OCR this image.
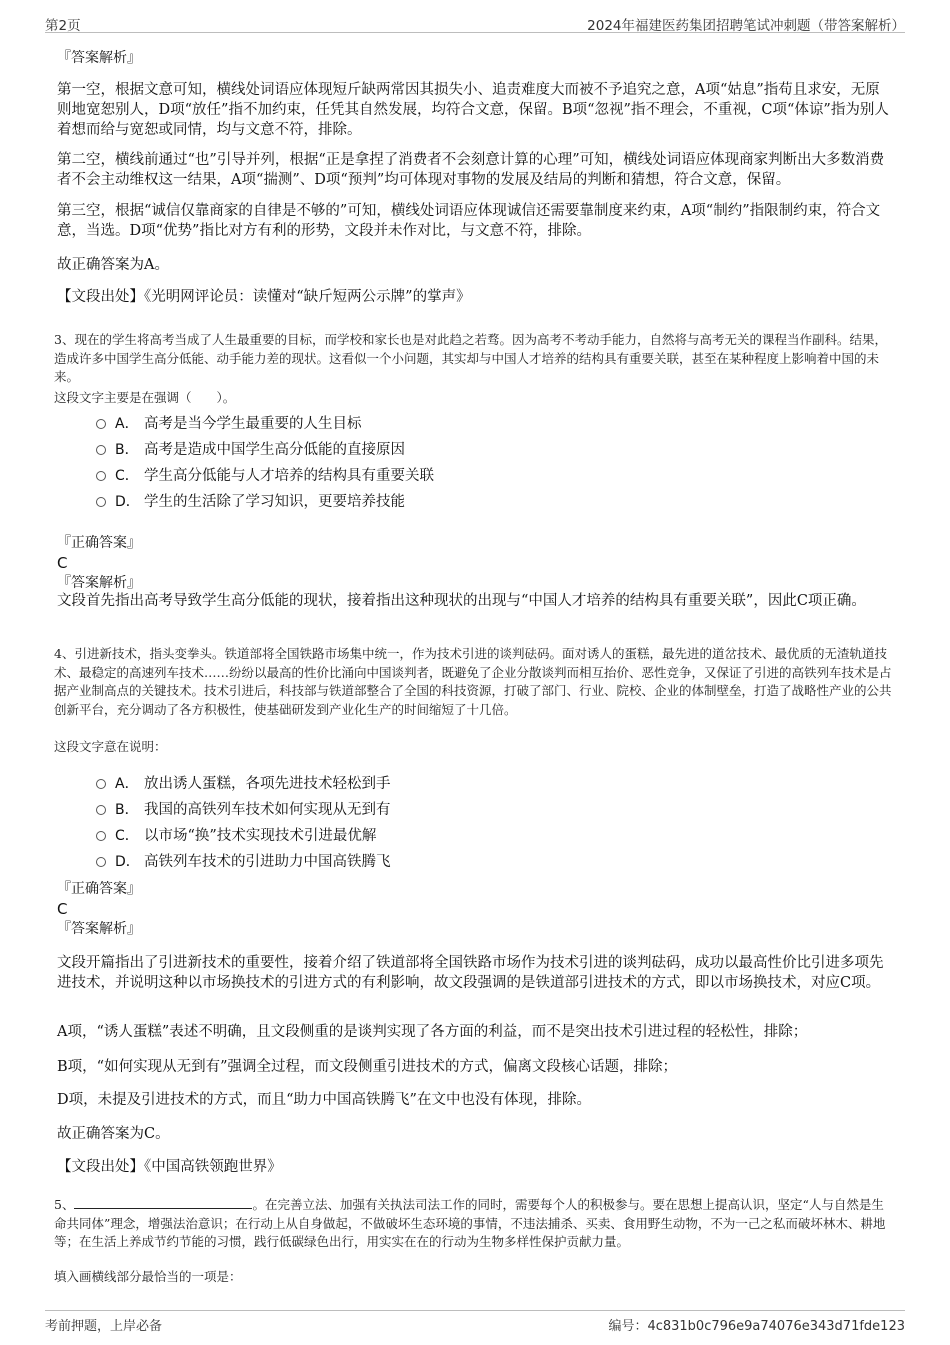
第2页	2024年福建医药集团招聘笔试冲刺题（带答案解析）
『答案解析』
第一空，根据文意可知，横线处词语应体现短斤缺两常因其损失小、追责难度大而被不予追究之意，A项“姑息”指苟且求安，无原则地宽恕别人，D项“放任”指不加约束，任凭其自然发展，均符合文意，保留。B项“忽视”指不理会，不重视，C项“体谅”指为别人着想而给与宽恕或同情，均与文意不符，排除。
第二空，横线前通过“也”引导并列，根据“正是拿捏了消费者不会刻意计算的心理”可知，横线处词语应体现商家判断出大多数消费者不会主动维权这一结果，A项“揣测”、D项“预判”均可体现对事物的发展及结局的判断和猜想，符合文意，保留。
第三空，根据“诚信仅靠商家的自律是不够的”可知，横线处词语应体现诚信还需要靠制度来约束，A项“制约”指限制约束，符合文意，当选。D项“优势”指比对方有利的形势，文段并未作对比，与文意不符，排除。
故正确答案为A。
【文段出处】《光明网评论员：读懂对“缺斤短两公示牌”的掌声》
3、现在的学生将高考当成了人生最重要的目标，而学校和家长也是对此趋之若骛。因为高考不考动手能力，自然将与高考无关的课程当作副科。结果，造成许多中国学生高分低能、动手能力差的现状。这看似一个小问题，其实却与中国人才培养的结构具有重要关联，甚至在某种程度上影响着中国的未来。
这段文字主要是在强调（　　）。
A． 高考是当今学生最重要的人生目标
B． 高考是造成中国学生高分低能的直接原因
C． 学生高分低能与人才培养的结构具有重要关联
D． 学生的生活除了学习知识，更要培养技能
『正确答案』
C
『答案解析』
文段首先指出高考导致学生高分低能的现状，接着指出这种现状的出现与“中国人才培养的结构具有重要关联”，因此C项正确。
4、引进新技术，指头变拳头。铁道部将全国铁路市场集中统一，作为技术引进的谈判砝码。面对诱人的蛋糕，最先进的道岔技术、最优质的无渣轨道技术、最稳定的高速列车技术……纷纷以最高的性价比涌向中国谈判者，既避免了企业分散谈判而相互抬价、恶性竞争，又保证了引进的高铁列车技术是占据产业制高点的关键技术。技术引进后，科技部与铁道部整合了全国的科技资源，打破了部门、行业、院校、企业的体制壁垒，打造了战略性产业的公共创新平台，充分调动了各方积极性，使基础研发到产业化生产的时间缩短了十几倍。
这段文字意在说明：
A． 放出诱人蛋糕，各项先进技术轻松到手
B． 我国的高铁列车技术如何实现从无到有
C． 以市场“换”技术实现技术引进最优解
D． 高铁列车技术的引进助力中国高铁腾飞
『正确答案』
C
『答案解析』
文段开篇指出了引进新技术的重要性，接着介绍了铁道部将全国铁路市场作为技术引进的谈判砝码，成功以最高性价比引进多项先进技术，并说明这种以市场换技术的引进方式的有利影响，故文段强调的是铁道部引进技术的方式，即以市场换技术，对应C项。
A项，“诱人蛋糕”表述不明确，且文段侧重的是谈判实现了各方面的利益，而不是突出技术引进过程的轻松性，排除；
B项，“如何实现从无到有”强调全过程，而文段侧重引进技术的方式，偏离文段核心话题，排除；
D项，未提及引进技术的方式，而且“助力中国高铁腾飞”在文中也没有体现，排除。
故正确答案为C。
【文段出处】《中国高铁领跑世界》
5、	。在完善立法、加强有关执法司法工作的同时，需要每个人的积极参与。要在思想上提高认识，坚定“人与自然是生命共同体”理念，增强法治意识；在行动上从自身做起，不做破坏生态环境的事情，不违法捕杀、买卖、食用野生动物，不为一己之私而破坏林木、耕地等；在生活上养成节约节能的习惯，践行低碳绿色出行，用实实在在的行动为生物多样性保护贡献力量。
填入画横线部分最恰当的一项是：
考前押题，上岸必备	编号：4c831b0c796e9a74076e343d71fde123
